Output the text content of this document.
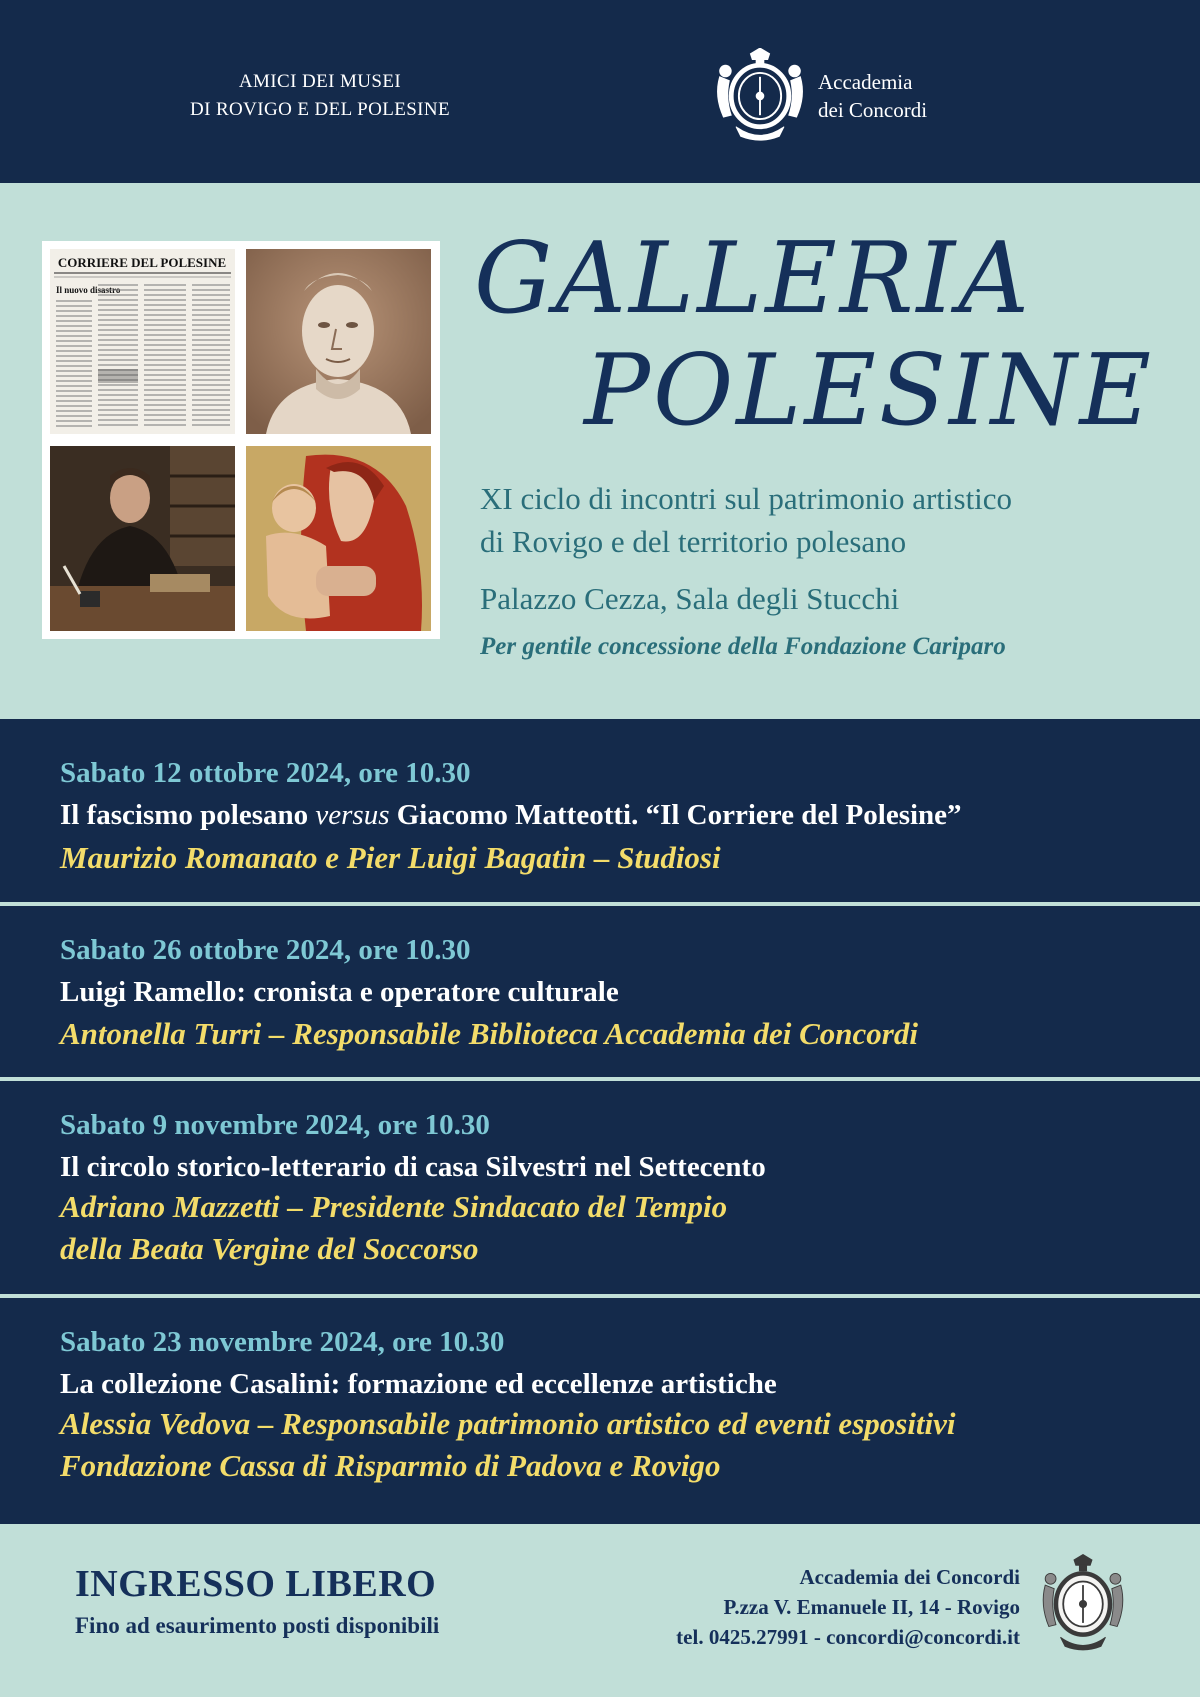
AMICI DEI MUSEI
DI ROVIGO E DEL POLESINE
Accademia
dei Concordi
CORRIERE DEL POLESINE
Il nuovo disastro	GALLERIA
POLESINE
XI ciclo di incontri sul patrimonio artistico
di Rovigo e del territorio polesano
Palazzo Cezza, Sala degli Stucchi
Per gentile concessione della Fondazione Cariparo
Sabato 12 ottobre 2024, ore 10.30
Il fascismo polesano versus Giacomo Matteotti. “Il Corriere del Polesine”
Maurizio Romanato e Pier Luigi Bagatin – Studiosi
Sabato 26 ottobre 2024, ore 10.30
Luigi Ramello: cronista e operatore culturale
Antonella Turri – Responsabile Biblioteca Accademia dei Concordi
Sabato 9 novembre 2024, ore 10.30
Il circolo storico-letterario di casa Silvestri nel Settecento
Adriano Mazzetti – Presidente Sindacato del Tempio
della Beata Vergine del Soccorso
Sabato 23 novembre 2024, ore 10.30
La collezione Casalini: formazione ed eccellenze artistiche
Alessia Vedova – Responsabile patrimonio artistico ed eventi espositivi
Fondazione Cassa di Risparmio di Padova e Rovigo
INGRESSO LIBERO
Fino ad esaurimento posti disponibili
Accademia dei Concordi
P.zza V. Emanuele II, 14 - Rovigo
tel. 0425.27991 - concordi@concordi.it
